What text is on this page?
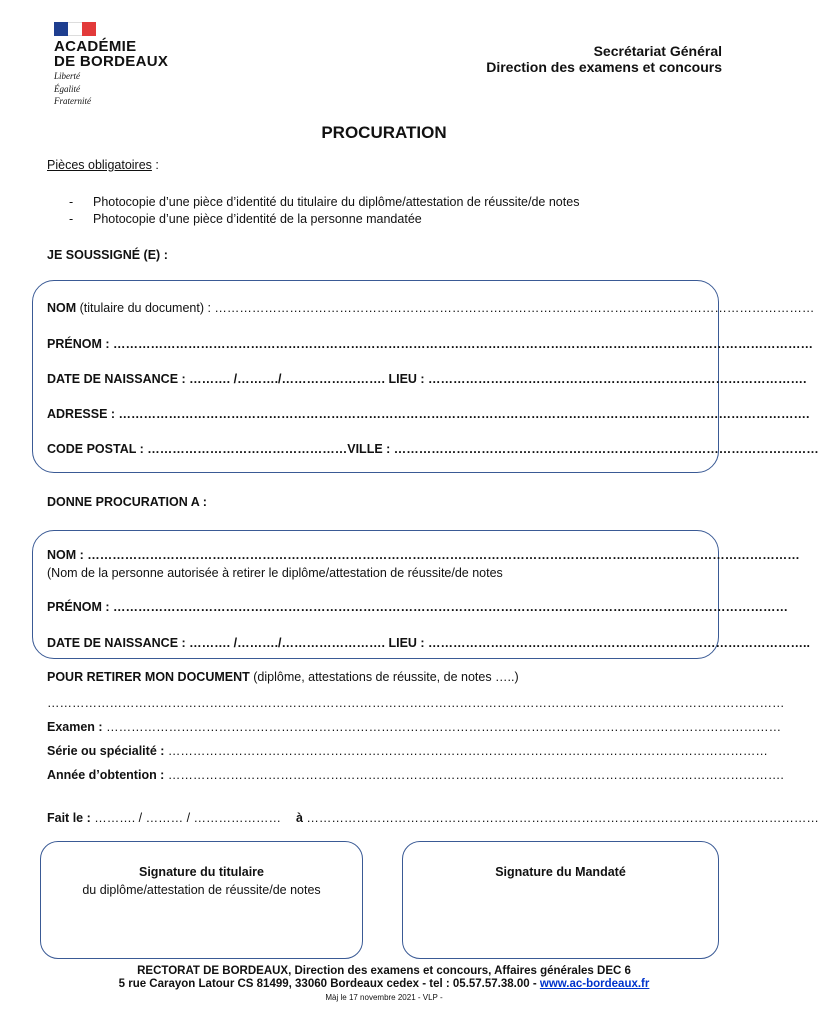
ACADÉMIE
DE BORDEAUX
Liberté
Égalité
Fraternité
Secrétariat Général
Direction des examens et concours
PROCURATION
Pièces obligatoires :
- Photocopie d’une pièce d’identité du titulaire du diplôme/attestation de réussite/de notes
- Photocopie d’une pièce d’identité de la personne mandatée
JE SOUSSIGNÉ (E) :
NOM (titulaire du document) : ………………………………………………………………………………………………………………………………
PRÉNOM : ……………………………………………………………………………………………………………………………………………………
DATE DE NAISSANCE : ………. /………./……………………. LIEU : ……………………………………………………………………………….
ADRESSE : ………………………………………………………………………………………………………………………………………………….
CODE POSTAL : …………………………………………VILLE : …………………………………………………………………………………………
DONNE PROCURATION A :
NOM : ………………………………………………………………………………………………………………………………………………………
(Nom de la personne autorisée à retirer le diplôme/attestation de réussite/de notes
PRÉNOM : ………………………………………………………………………………………………………………………………………………
DATE DE NAISSANCE : ………. /………./……………………. LIEU : ………………………………………………………………………………..
POUR RETIRER MON DOCUMENT (diplôme, attestations de réussite, de notes …..)
……………………………………………………………………………………………………………………………………………………………
Examen : ………………………………………………………………………………………………………………………………………………
Série ou spécialité : ………………………………………………………………………………………………………………………………
Année d’obtention : ………………………………………………………………………………………………………………………………….
Fait le : ………. / ……… / …………………	à ……………………………………………………………………………………………………………
Signature du titulaire
du diplôme/attestation de réussite/de notes
Signature du Mandaté
RECTORAT DE BORDEAUX, Direction des examens et concours, Affaires générales DEC 6
5 rue Carayon Latour CS 81499, 33060 Bordeaux cedex - tel : 05.57.57.38.00 - www.ac-bordeaux.fr
Màj le 17 novembre 2021 - VLP -
